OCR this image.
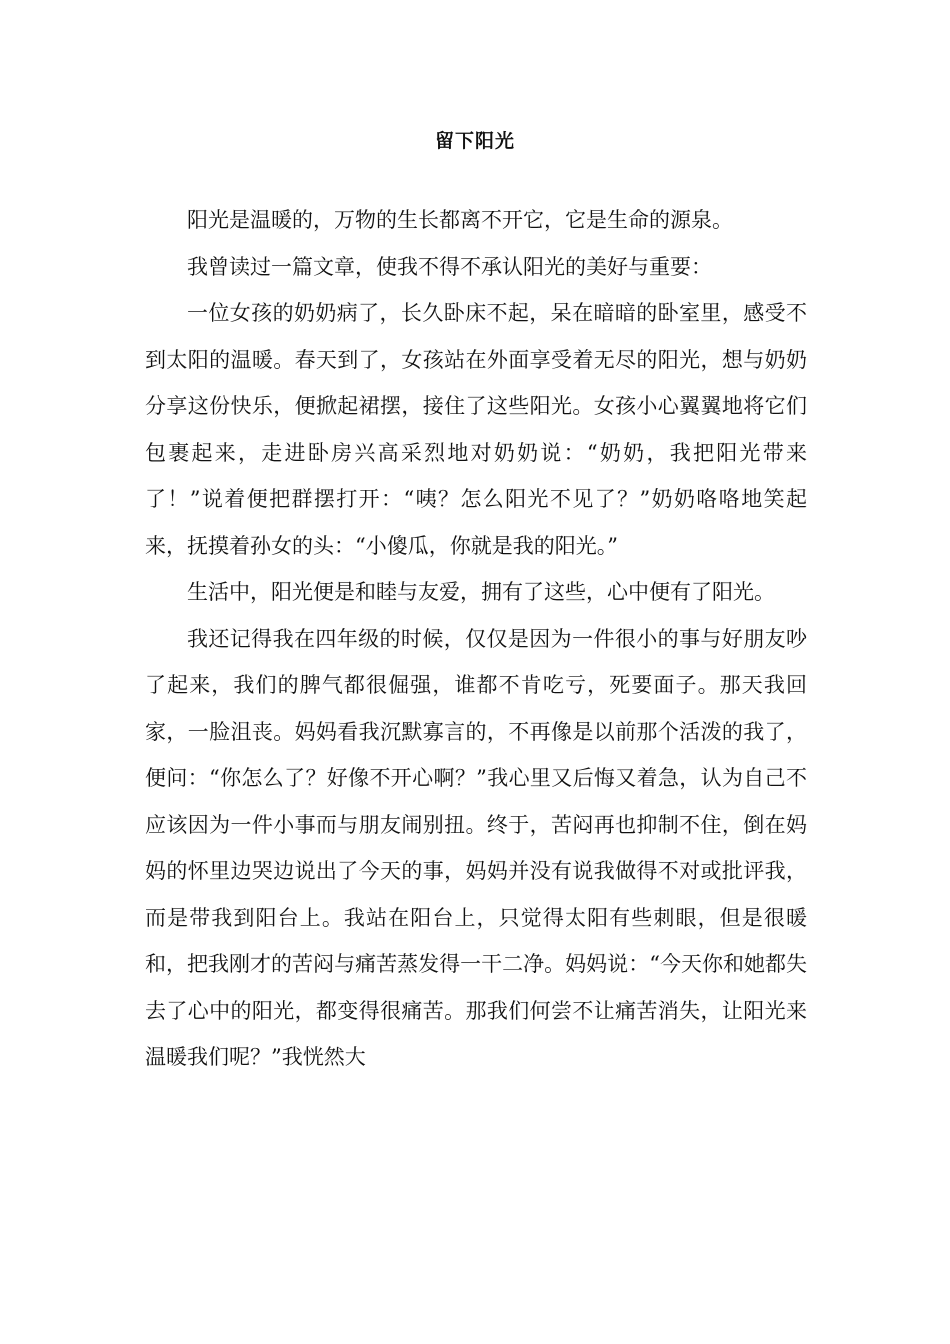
留下阳光

阳光是温暖的，万物的生长都离不开它，它是生命的源泉。

我曾读过一篇文章，使我不得不承认阳光的美好与重要：

一位女孩的奶奶病了，长久卧床不起，呆在暗暗的卧室里，感受不到太阳的温暖。春天到了，女孩站在外面享受着无尽的阳光，想与奶奶分享这份快乐，便掀起裙摆，接住了这些阳光。女孩小心翼翼地将它们包裹起来，走进卧房兴高采烈地对奶奶说：“奶奶，我把阳光带来了！”说着便把群摆打开：“咦？怎么阳光不见了？”奶奶咯咯地笑起来，抚摸着孙女的头：“小傻瓜，你就是我的阳光。”

生活中，阳光便是和睦与友爱，拥有了这些，心中便有了阳光。

我还记得我在四年级的时候，仅仅是因为一件很小的事与好朋友吵了起来，我们的脾气都很倔强，谁都不肯吃亏，死要面子。那天我回家，一脸沮丧。妈妈看我沉默寡言的，不再像是以前那个活泼的我了，便问：“你怎么了？好像不开心啊？”我心里又后悔又着急，认为自己不应该因为一件小事而与朋友闹别扭。终于，苦闷再也抑制不住，倒在妈妈的怀里边哭边说出了今天的事，妈妈并没有说我做得不对或批评我，而是带我到阳台上。我站在阳台上，只觉得太阳有些刺眼，但是很暖和，把我刚才的苦闷与痛苦蒸发得一干二净。妈妈说：“今天你和她都失去了心中的阳光，都变得很痛苦。那我们何尝不让痛苦消失，让阳光来温暖我们呢？”我恍然大
